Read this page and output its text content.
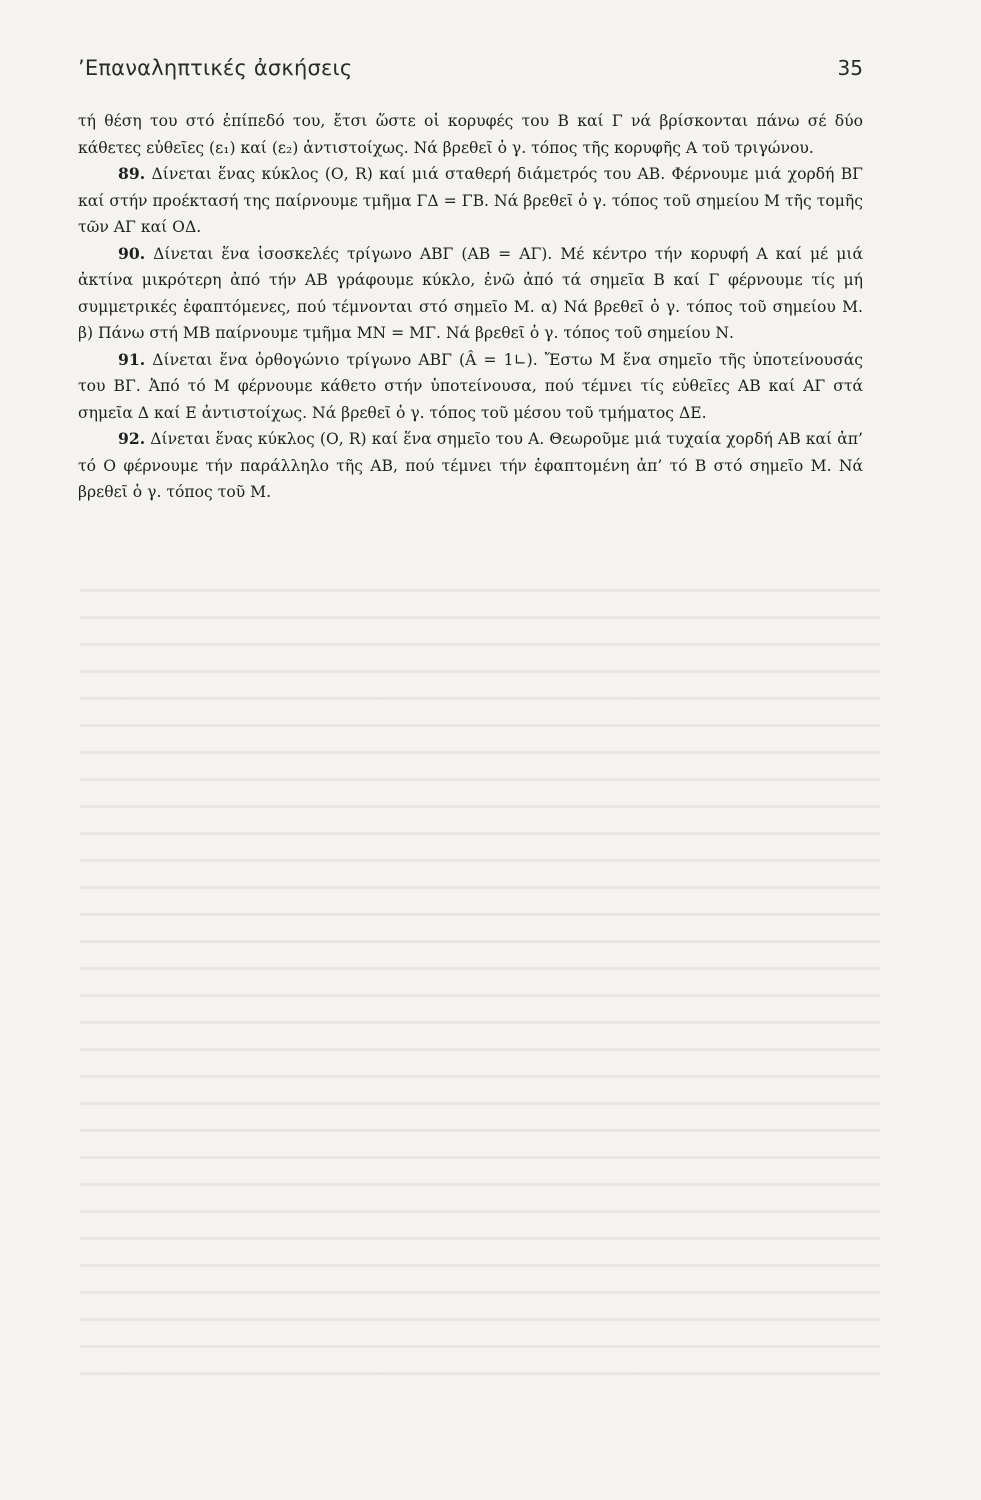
’Επαναληπτικές ἀσκήσεις	35

τή θέση του στό ἐπίπεδό του, ἔτσι ὥστε οἱ κορυφές του Β καί Γ νά βρίσκονται πάνω σέ δύο κάθετες εὐθεῖες (ε₁) καί (ε₂) ἀντιστοίχως. Νά βρεθεῖ ὁ γ. τόπος τῆς κορυφῆς Α τοῦ τριγώνου.

89. Δίνεται ἕνας κύκλος (Ο, R) καί μιά σταθερή διάμετρός του ΑΒ. Φέρνουμε μιά χορδή ΒΓ καί στήν προέκτασή της παίρνουμε τμῆμα ΓΔ = ΓΒ. Νά βρεθεῖ ὁ γ. τόπος τοῦ σημείου Μ τῆς τομῆς τῶν ΑΓ καί ΟΔ.

90. Δίνεται ἕνα ἰσοσκελές τρίγωνο ΑΒΓ (ΑΒ = ΑΓ). Μέ κέντρο τήν κορυφή Α καί μέ μιά ἀκτίνα μικρότερη ἀπό τήν ΑΒ γράφουμε κύκλο, ἐνῶ ἀπό τά σημεῖα Β καί Γ φέρνουμε τίς μή συμμετρικές ἐφαπτόμενες, πού τέμνονται στό σημεῖο Μ. α) Νά βρεθεῖ ὁ γ. τόπος τοῦ σημείου Μ. β) Πάνω στή ΜΒ παίρνουμε τμῆμα ΜΝ = ΜΓ. Νά βρεθεῖ ὁ γ. τόπος τοῦ σημείου Ν.

91. Δίνεται ἕνα ὀρθογώνιο τρίγωνο ΑΒΓ (Â = 1∟). Ἔστω Μ ἕνα σημεῖο τῆς ὑποτείνουσάς του ΒΓ. Ἀπό τό Μ φέρνουμε κάθετο στήν ὑποτείνουσα, πού τέμνει τίς εὐθεῖες ΑΒ καί ΑΓ στά σημεῖα Δ καί Ε ἀντιστοίχως. Νά βρεθεῖ ὁ γ. τόπος τοῦ μέσου τοῦ τμήματος ΔΕ.

92. Δίνεται ἕνας κύκλος (Ο, R) καί ἕνα σημεῖο του Α. Θεωροῦμε μιά τυχαία χορδή ΑΒ καί ἀπ’ τό Ο φέρνουμε τήν παράλληλο τῆς ΑΒ, πού τέμνει τήν ἐφαπτομένη ἀπ’ τό Β στό σημεῖο Μ. Νά βρεθεῖ ὁ γ. τόπος τοῦ Μ.
